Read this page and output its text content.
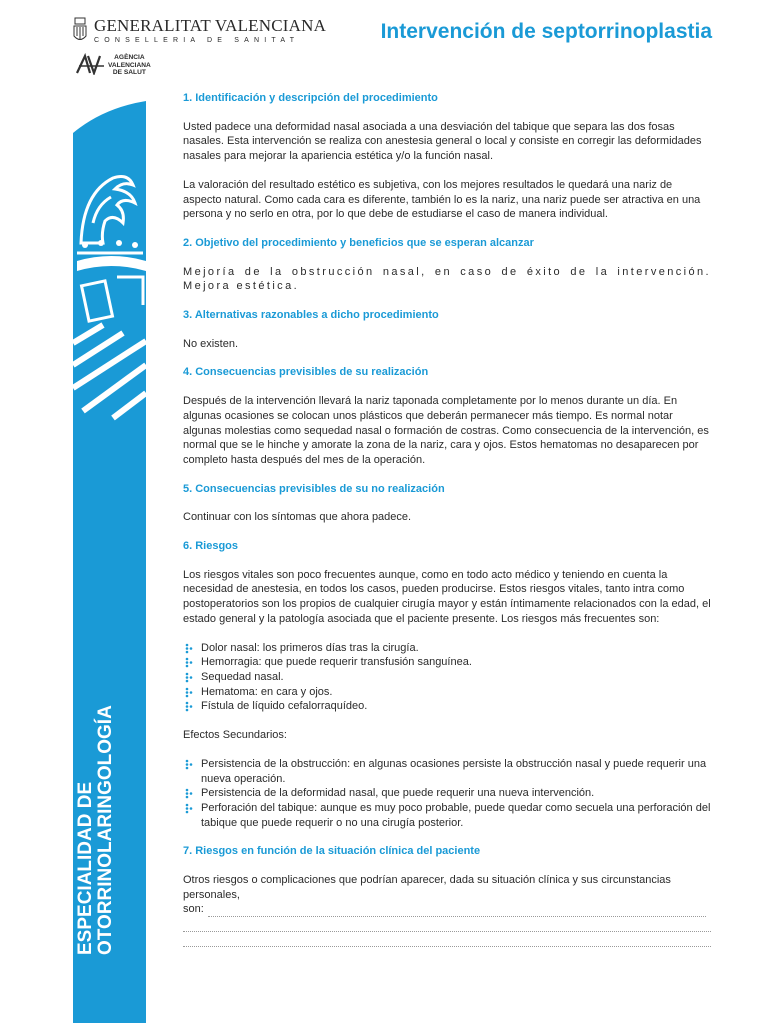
GENERALITAT VALENCIANA
CONSELLERIA DE SANITAT
AGÈNCIA
VALENCIANA
DE SALUT
Intervención de septorrinoplastia
ESPECIALIDAD DE OTORRINOLARINGOLOGÍA
1. Identificación y descripción del procedimiento

Usted padece una deformidad nasal asociada a una desviación del tabique que separa las dos fosas nasales. Esta intervención se realiza con anestesia general o local y consiste en corregir las deformidades nasales para mejorar la apariencia estética y/o la función nasal.

La valoración del resultado estético es subjetiva, con los mejores resultados le quedará una nariz de aspecto natural. Como cada cara es diferente, también lo es la nariz, una nariz puede ser atractiva en una persona y no serlo en otra, por lo que debe de estudiarse el caso de manera individual.

2. Objetivo del procedimiento y beneficios que se esperan alcanzar

Mejoría de la obstrucción nasal, en caso de éxito de la intervención. Mejora estética.

3. Alternativas razonables a dicho procedimiento

No existen.

4. Consecuencias previsibles de su realización

Después de la intervención llevará la nariz taponada completamente por lo menos durante un día. En algunas ocasiones se colocan unos plásticos que deberán permanecer más tiempo. Es normal notar algunas molestias como sequedad nasal o formación de costras. Como consecuencia de la intervención, es normal que se le hinche y amorate la zona de la nariz, cara y ojos. Estos hematomas no desaparecen por completo hasta después del mes de la operación.

5. Consecuencias previsibles de su no realización

Continuar con los síntomas que ahora padece.

6. Riesgos

Los riesgos vitales son poco frecuentes aunque, como en todo acto médico y teniendo en cuenta la necesidad de anestesia, en todos los casos, pueden producirse. Estos riesgos vitales, tanto intra como postoperatorios son los propios de cualquier cirugía mayor y están íntimamente relacionados con la edad, el estado general y la patología asociada que el paciente presente. Los riesgos más frecuentes son:

Dolor nasal: los primeros días tras la cirugía.
Hemorragia: que puede requerir transfusión sanguínea.
Sequedad nasal.
Hematoma: en cara y ojos.
Fístula de líquido cefalorraquídeo.

Efectos Secundarios:

Persistencia de la obstrucción: en algunas ocasiones persiste la obstrucción nasal y puede requerir una nueva operación.
Persistencia de la deformidad nasal, que puede requerir una nueva intervención.
Perforación del tabique: aunque es muy poco probable, puede quedar como secuela una perforación del tabique que puede requerir o no una cirugía posterior.
7. Riesgos en función de la situación clínica del paciente

Otros riesgos o complicaciones que podrían aparecer, dada su situación clínica y sus circunstancias personales,

son:
